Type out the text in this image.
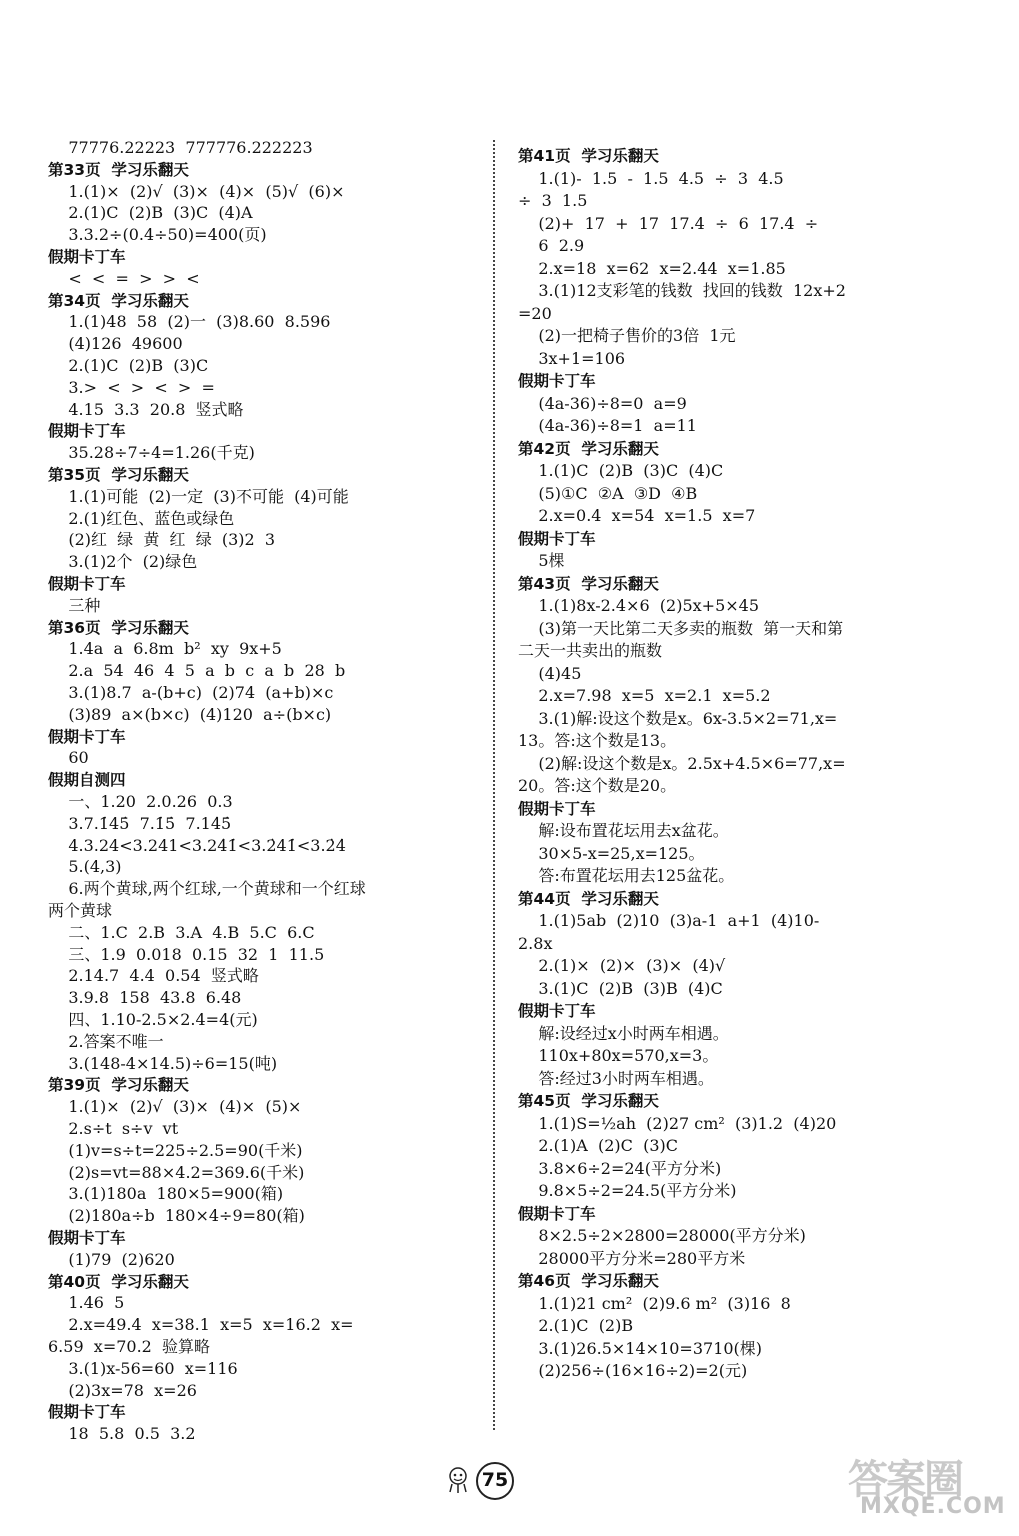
77776.22223  777776.222223
第33页  学习乐翻天
1.(1)×  (2)√  (3)×  (4)×  (5)√  (6)×
2.(1)C  (2)B  (3)C  (4)A
3.3.2÷(0.4÷50)=400(页)
假期卡丁车
<  <  =  >  >  <
第34页  学习乐翻天
1.(1)48  58  (2)一  (3)8.60  8.596
(4)126  49600
2.(1)C  (2)B  (3)C
3.>  <  >  <  >  =
4.15  3.3  20.8  竖式略
假期卡丁车
35.28÷7÷4=1.26(千克)
第35页  学习乐翻天
1.(1)可能  (2)一定  (3)不可能  (4)可能
2.(1)红色、蓝色或绿色
(2)红  绿  黄  红  绿  (3)2  3
3.(1)2个  (2)绿色
假期卡丁车
三种
第36页  学习乐翻天
1.4a  a  6.8m  b²  xy  9x+5
2.a  54  46  4  5  a  b  c  a  b  28  b
3.(1)8.7  a-(b+c)  (2)74  (a+b)×c
(3)89  a×(b×c)  (4)120  a÷(b×c)
假期卡丁车
60
假期自测四
一、1.20  2.0.26  0.3
3.7.1̇45̇  7.1̇5̇  7.14̇5̇
4.3.24<3.241<3.24̇1̇<3.2̇41̇<3.2̇4̇
5.(4,3)
6.两个黄球,两个红球,一个黄球和一个红球
两个黄球
二、1.C  2.B  3.A  4.B  5.C  6.C
三、1.9  0.018  0.15  32  1  11.5
2.14.7  4.4  0.54  竖式略
3.9.8  158  43.8  6.48
四、1.10-2.5×2.4=4(元)
2.答案不唯一
3.(148-4×14.5)÷6=15(吨)
第39页  学习乐翻天
1.(1)×  (2)√  (3)×  (4)×  (5)×
2.s÷t  s÷v  vt
(1)v=s÷t=225÷2.5=90(千米)
(2)s=vt=88×4.2=369.6(千米)
3.(1)180a  180×5=900(箱)
(2)180a÷b  180×4÷9=80(箱)
假期卡丁车
(1)79  (2)620
第40页  学习乐翻天
1.46  5
2.x=49.4  x=38.1  x=5  x=16.2  x=
6.59  x=70.2  验算略
3.(1)x-56=60  x=116
(2)3x=78  x=26
假期卡丁车
18  5.8  0.5  3.2
第41页  学习乐翻天
1.(1)-  1.5  -  1.5  4.5  ÷  3  4.5
÷  3  1.5
(2)+  17  +  17  17.4  ÷  6  17.4  ÷
6  2.9
2.x=18  x=62  x=2.44  x=1.85
3.(1)12支彩笔的钱数  找回的钱数  12x+2
=20
(2)一把椅子售价的3倍  1元
3x+1=106
假期卡丁车
(4a-36)÷8=0  a=9
(4a-36)÷8=1  a=11
第42页  学习乐翻天
1.(1)C  (2)B  (3)C  (4)C
(5)①C  ②A  ③D  ④B
2.x=0.4  x=54  x=1.5  x=7
假期卡丁车
5棵
第43页  学习乐翻天
1.(1)8x-2.4×6  (2)5x+5×45
(3)第一天比第二天多卖的瓶数  第一天和第
二天一共卖出的瓶数
(4)45
2.x=7.98  x=5  x=2.1  x=5.2
3.(1)解:设这个数是x。6x-3.5×2=71,x=
13。答:这个数是13。
(2)解:设这个数是x。2.5x+4.5×6=77,x=
20。答:这个数是20。
假期卡丁车
解:设布置花坛用去x盆花。
30×5-x=25,x=125。
答:布置花坛用去125盆花。
第44页  学习乐翻天
1.(1)5ab  (2)10  (3)a-1  a+1  (4)10-
2.8x
2.(1)×  (2)×  (3)×  (4)√
3.(1)C  (2)B  (3)B  (4)C
假期卡丁车
解:设经过x小时两车相遇。
110x+80x=570,x=3。
答:经过3小时两车相遇。
第45页  学习乐翻天
1.(1)S=½ah  (2)27 cm²  (3)1.2  (4)20
2.(1)A  (2)C  (3)C
3.8×6÷2=24(平方分米)
9.8×5÷2=24.5(平方分米)
假期卡丁车
8×2.5÷2×2800=28000(平方分米)
28000平方分米=280平方米
第46页  学习乐翻天
1.(1)21 cm²  (2)9.6 m²  (3)16  8
2.(1)C  (2)B
3.(1)26.5×14×10=3710(棵)
(2)256÷(16×16÷2)=2(元)
75	答案圈
MXQE.COM
